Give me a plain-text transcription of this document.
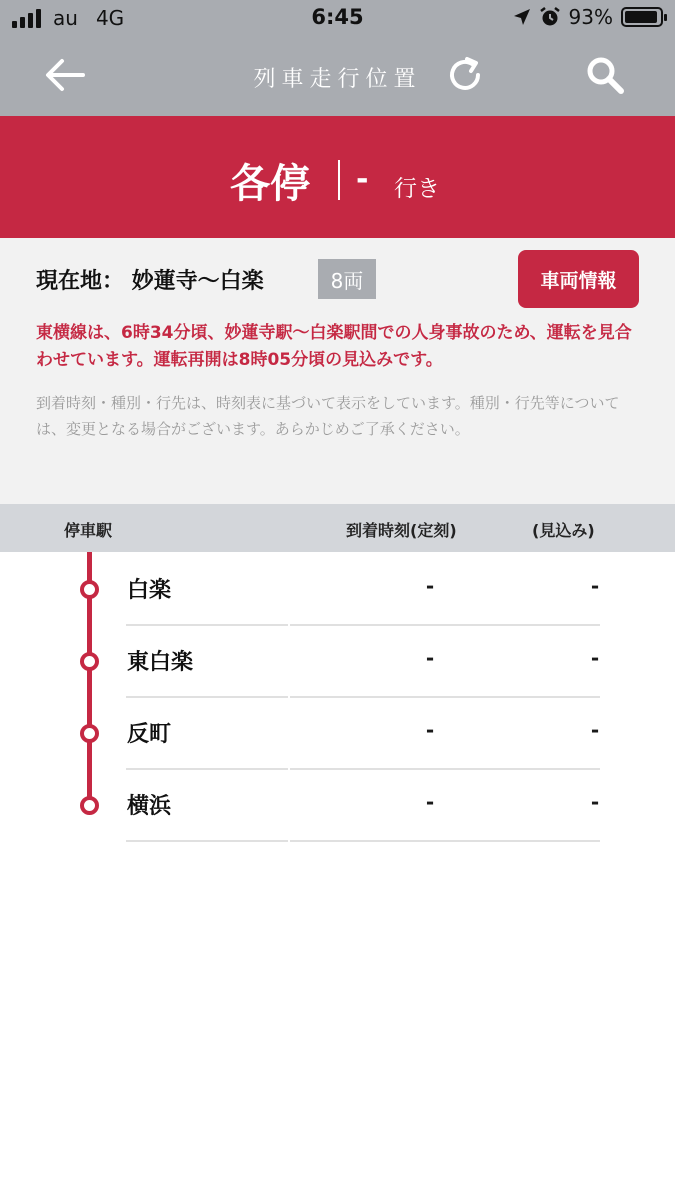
au 4G	6:45	93%
列車走行位置
各停 - 行き
現在地： 妙蓮寺〜白楽	8両	車両情報
東横線は、6時34分頃、妙蓮寺駅〜白楽駅間での人身事故のため、運転を見合わせています。運転再開は8時05分頃の見込みです。
到着時刻・種別・行先は、時刻表に基づいて表示をしています。種別・行先等については、変更となる場合がございます。あらかじめご了承ください。
停車駅	到着時刻(定刻)	(見込み)
白楽	-	-
東白楽	-	-
反町	-	-
横浜	-	-
